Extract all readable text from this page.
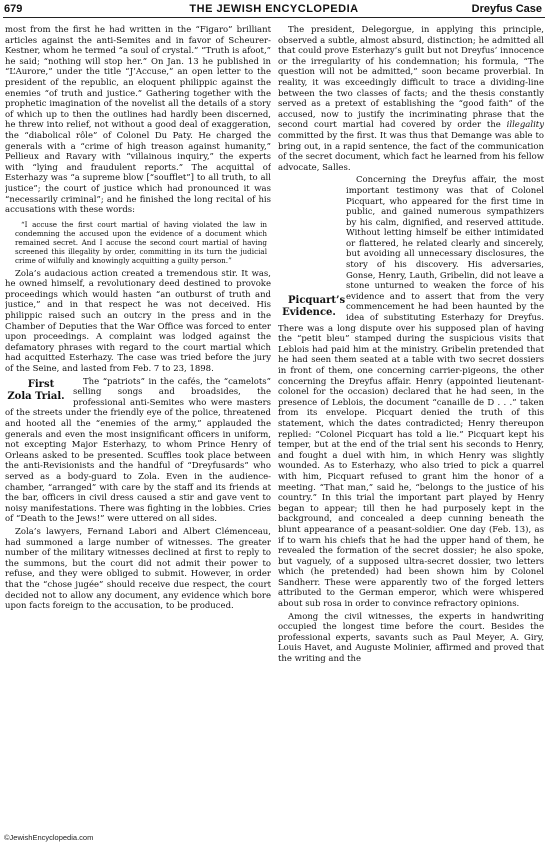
679	THE JEWISH ENCYCLOPEDIA	Dreyfus Case

most from the first he had written in the “Figaro” brilliant articles against the anti-Semites and in favor of Scheurer-Kestner, whom he termed “a soul of crystal.” “Truth is afoot,” he said; “nothing will stop her.” On Jan. 13 he published in “L’Aurore,” under the title “J’Accuse,” an open letter to the president of the republic, an eloquent philippic against the enemies “of truth and justice.” Gathering together with the prophetic imagination of the novelist all the details of a story of which up to then the outlines had hardly been discerned, he threw into relief, not without a good deal of exaggeration, the “diabolical rôle” of Colonel Du Paty. He charged the generals with a “crime of high treason against humanity,” Pellieux and Ravary with “villainous inquiry,” the experts with “lying and fraudulent reports.” The acquittal of Esterhazy was “a supreme blow [“soufflet”] to all truth, to all justice”; the court of justice which had pronounced it was “necessarily criminal”; and he finished the long recital of his accusations with these words:

“I accuse the first court martial of having violated the law in condemning the accused upon the evidence of a document which remained secret. And I accuse the second court martial of having screened this illegality by order, committing in its turn the judicial crime of wilfully and knowingly acquitting a guilty person.”

Zola’s audacious action created a tremendous stir. It was, he owned himself, a revolutionary deed destined to provoke proceedings which would hasten “an outburst of truth and justice,” and in that respect he was not deceived. His philippic raised such an outcry in the press and in the Chamber of Deputies that the War Office was forced to enter upon proceedings. A complaint was lodged against the defamatory phrases with regard to the court martial which had acquitted Esterhazy. The case was tried before the jury of the Seine, and lasted from Feb. 7 to 23, 1898.

First Zola Trial.
The “patriots” in the cafés, the “camelots” selling songs and broadsides, the professional anti-Semites who were masters of the streets under the friendly eye of the police, threatened and hooted all the “enemies of the army,” applauded the generals and even the most insignificant officers in uniform, not excepting Major Esterhazy, to whom Prince Henry of Orleans asked to be presented. Scuffles took place between the anti-Revisionists and the handful of “Dreyfusards” who served as a body-guard to Zola. Even in the audience-chamber, “arranged” with care by the staff and its friends at the bar, officers in civil dress caused a stir and gave vent to noisy manifestations. There was fighting in the lobbies. Cries of “Death to the Jews!” were uttered on all sides.

Zola’s lawyers, Fernand Labori and Albert Clémenceau, had summoned a large number of witnesses. The greater number of the military witnesses declined at first to reply to the summons, but the court did not admit their power to refuse, and they were obliged to submit. However, in order that the “chose jugée” should receive due respect, the court decided not to allow any document, any evidence which bore upon facts foreign to the accusation, to be produced.

The president, Delegorgue, in applying this principle, observed a subtle, almost absurd, distinction; he admitted all that could prove Esterhazy’s guilt but not Dreyfus’ innocence or the irregularity of his condemnation; his formula, “The question will not be admitted,” soon became proverbial. In reality, it was exceedingly difficult to trace a dividing-line between the two classes of facts; and the thesis constantly served as a pretext of establishing the “good faith” of the accused, now to justify the incriminating phrase that the second court martial had covered by order the illegality committed by the first. It was thus that Demange was able to bring out, in a rapid sentence, the fact of the communication of the secret document, which fact he learned from his fellow advocate, Salles.

Picquart’s Evidence.
Concerning the Dreyfus affair, the most important testimony was that of Colonel Picquart, who appeared for the first time in public, and gained numerous sympathizers by his calm, dignified, and reserved attitude. Without letting himself be either intimidated or flattered, he related clearly and sincerely, but avoiding all unnecessary disclosures, the story of his discovery. His adversaries, Gonse, Henry, Lauth, Gribelin, did not leave a stone unturned to weaken the force of his evidence and to assert that from the very commencement he had been haunted by the idea of substituting Esterhazy for Dreyfus. There was a long dispute over his supposed plan of having the “petit bleu” stamped during the suspicious visits that Leblois had paid him at the ministry. Gribelin pretended that he had seen them seated at a table with two secret dossiers in front of them, one concerning carrier-pigeons, the other concerning the Dreyfus affair. Henry (appointed lieutenant-colonel for the occasion) declared that he had seen, in the presence of Leblois, the document “canaille de D . . .” taken from its envelope. Picquart denied the truth of this statement, which the dates contradicted; Henry thereupon replied: “Colonel Picquart has told a lie.” Picquart kept his temper, but at the end of the trial sent his seconds to Henry, and fought a duel with him, in which Henry was slightly wounded. As to Esterhazy, who also tried to pick a quarrel with him, Picquart refused to grant him the honor of a meeting. “That man,” said he, “belongs to the justice of his country.” In this trial the important part played by Henry began to appear; till then he had purposely kept in the background, and concealed a deep cunning beneath the blunt appearance of a peasant-soldier. One day (Feb. 13), as if to warn his chiefs that he had the upper hand of them, he revealed the formation of the secret dossier; he also spoke, but vaguely, of a supposed ultra-secret dossier, two letters which (he pretended) had been shown him by Colonel Sandherr. These were apparently two of the forged letters attributed to the German emperor, which were whispered about sub rosa in order to convince refractory opinions.

Among the civil witnesses, the experts in handwriting occupied the longest time before the court. Besides the professional experts, savants such as Paul Meyer, A. Giry, Louis Havet, and Auguste Molinier, affirmed and proved that the writing and the

©JewishEncyclopedia.com
